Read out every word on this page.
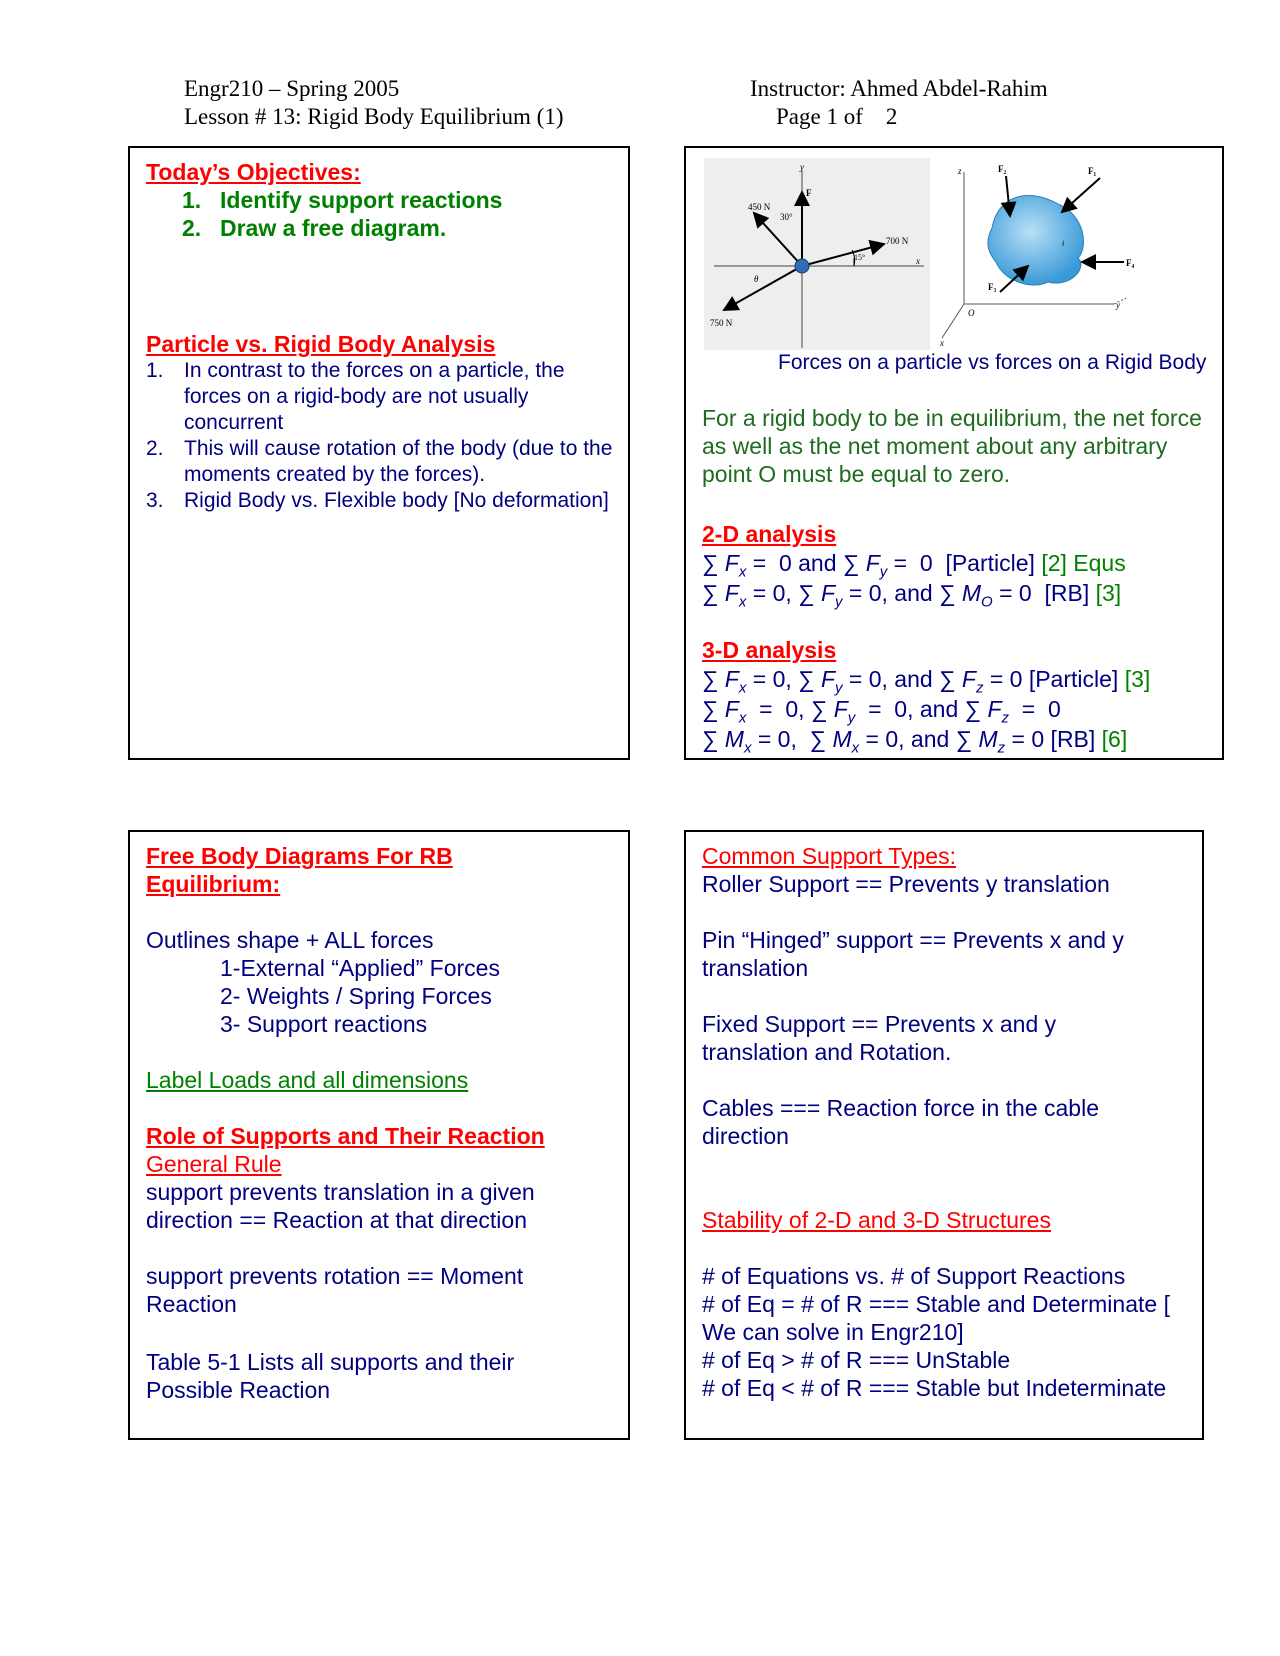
Engr210 – Spring 2005
Lesson # 13: Rigid Body Equilibrium (1)
Instructor: Ahmed Abdel-Rahim
Page 1 of    2
Today’s Objectives:
1. Identify support reactions
2. Draw a free diagram.
Particle vs. Rigid Body Analysis
1. In contrast to the forces on a particle, the forces on a rigid-body are not usually concurrent
2. This will cause rotation of the body (due to the moments created by the forces).
3. Rigid Body vs. Flexible body [No deformation]
450 N
30°
F
y
700 N
15°	x
θ
750 N
z	F₂	F₁
F₄
F₃
i
O
y
x
Forces on a particle vs forces on a Rigid Body
For a rigid body to be in equilibrium, the net force as well as the net moment about any arbitrary point O must be equal to zero.
2-D analysis
∑ $F_x = 0$ and ∑ $F_y = 0$  [Particle] [2] Equs
∑ $F_x = 0$, ∑ $F_y = 0$, and ∑ $M_O = 0$  [RB] [3]
3-D analysis
∑ $F_x = 0$, ∑ $F_y = 0$, and ∑ $F_z = 0$ [Particle] [3]
∑ $F_x = 0$, ∑ $F_y = 0$, and ∑ $F_z = 0$
∑ $M_x = 0$,  ∑ $M_x = 0$, and ∑ $M_z = 0$ [RB] [6]
Free Body Diagrams For RB
Equilibrium:
Outlines shape + ALL forces
1-External “Applied” Forces
2- Weights / Spring Forces
3- Support reactions
Label Loads and all dimensions
Role of Supports and Their Reaction
General Rule
support prevents translation in a given direction == Reaction at that direction
support prevents rotation == Moment Reaction
Table 5-1 Lists all supports and their Possible Reaction
Common Support Types:
Roller Support == Prevents y translation
Pin “Hinged” support == Prevents x and y translation
Fixed Support == Prevents x and y translation and Rotation.
Cables === Reaction force in the cable direction
Stability of 2-D and 3-D Structures
# of Equations vs. # of Support Reactions
# of Eq = # of R === Stable and Determinate [ We can solve in Engr210]
# of Eq > # of R === UnStable
# of Eq < # of R === Stable but Indeterminate
